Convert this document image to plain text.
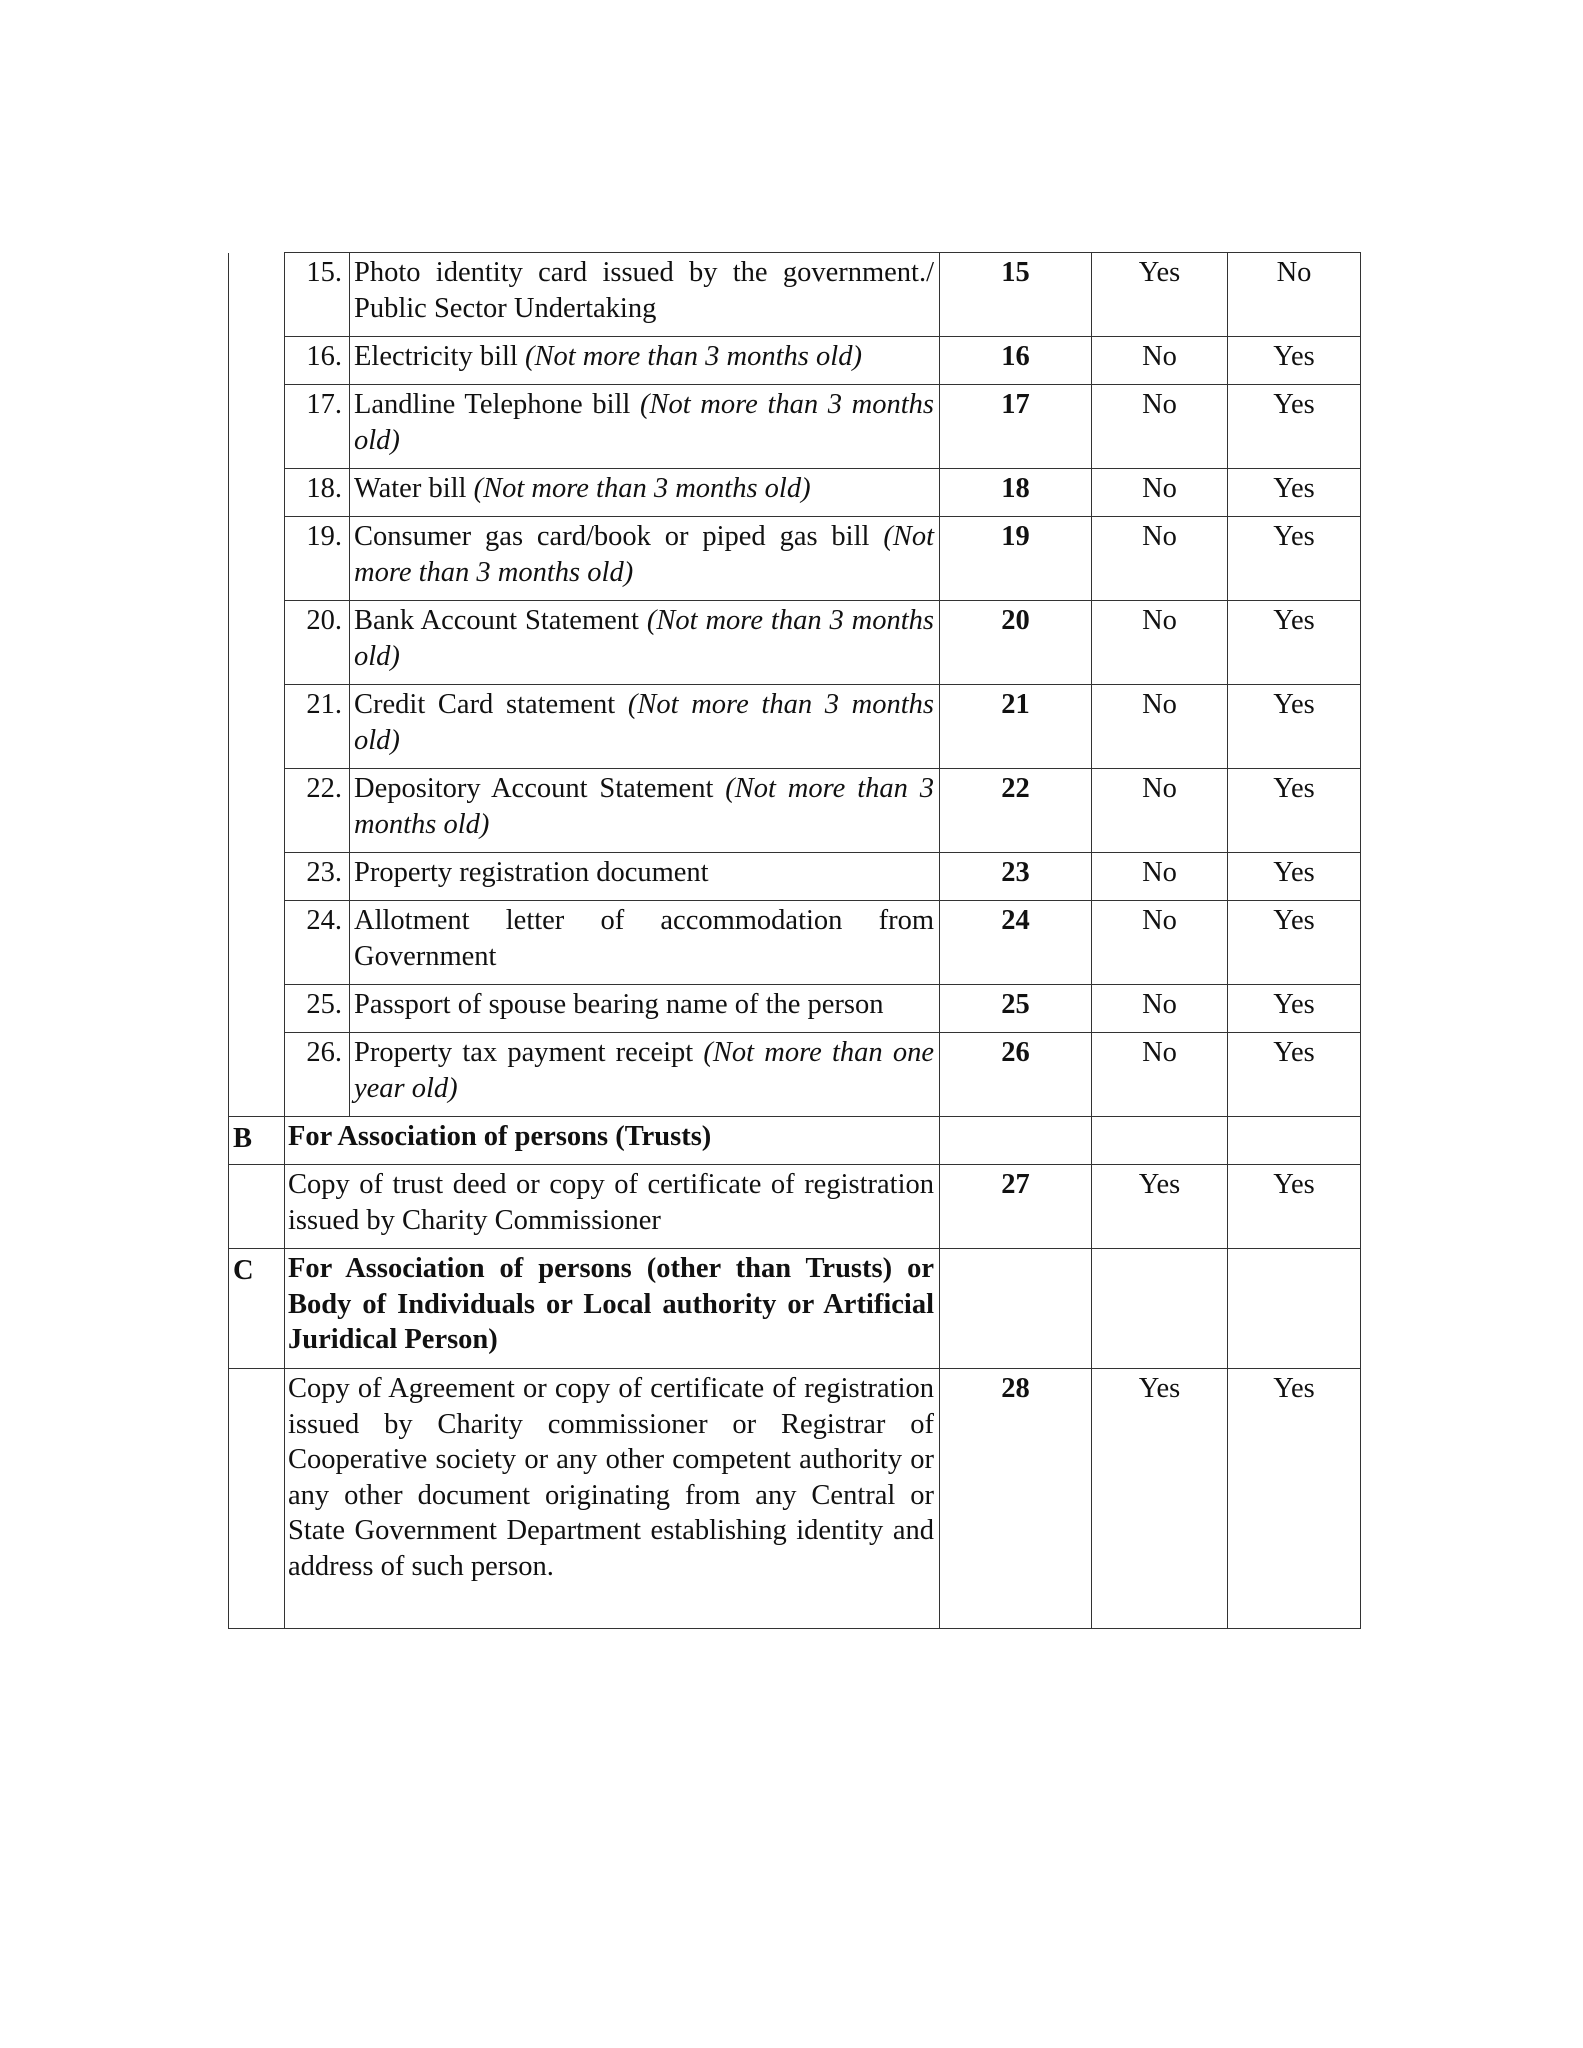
	15.	Photo identity card issued by the government./ Public Sector Undertaking	15	Yes	No
	16.	Electricity bill (Not more than 3 months old)	16	No	Yes
	17.	Landline Telephone bill (Not more than 3 months old)	17	No	Yes
	18.	Water bill (Not more than 3 months old)	18	No	Yes
	19.	Consumer gas card/book or piped gas bill (Not more than 3 months old)	19	No	Yes
	20.	Bank Account Statement (Not more than 3 months old)	20	No	Yes
	21.	Credit Card statement (Not more than 3 months old)	21	No	Yes
	22.	Depository Account Statement (Not more than 3 months old)	22	No	Yes
	23.	Property registration document	23	No	Yes
	24.	Allotment letter of accommodation from Government	24	No	Yes
	25.	Passport of spouse bearing name of the person	25	No	Yes
	26.	Property tax payment receipt (Not more than one year old)	26	No	Yes
B	For Association of persons (Trusts)				
	Copy of trust deed or copy of certificate of registration issued by Charity Commissioner		27	Yes	Yes
C	For Association of persons (other than Trusts) or Body of Individuals or Local authority or Artificial Juridical Person)				
	Copy of Agreement or copy of certificate of registration issued by Charity commissioner or Registrar of Cooperative society or any other competent authority or any other document originating from any Central or State Government Department establishing identity and address of such person.		28	Yes	Yes
